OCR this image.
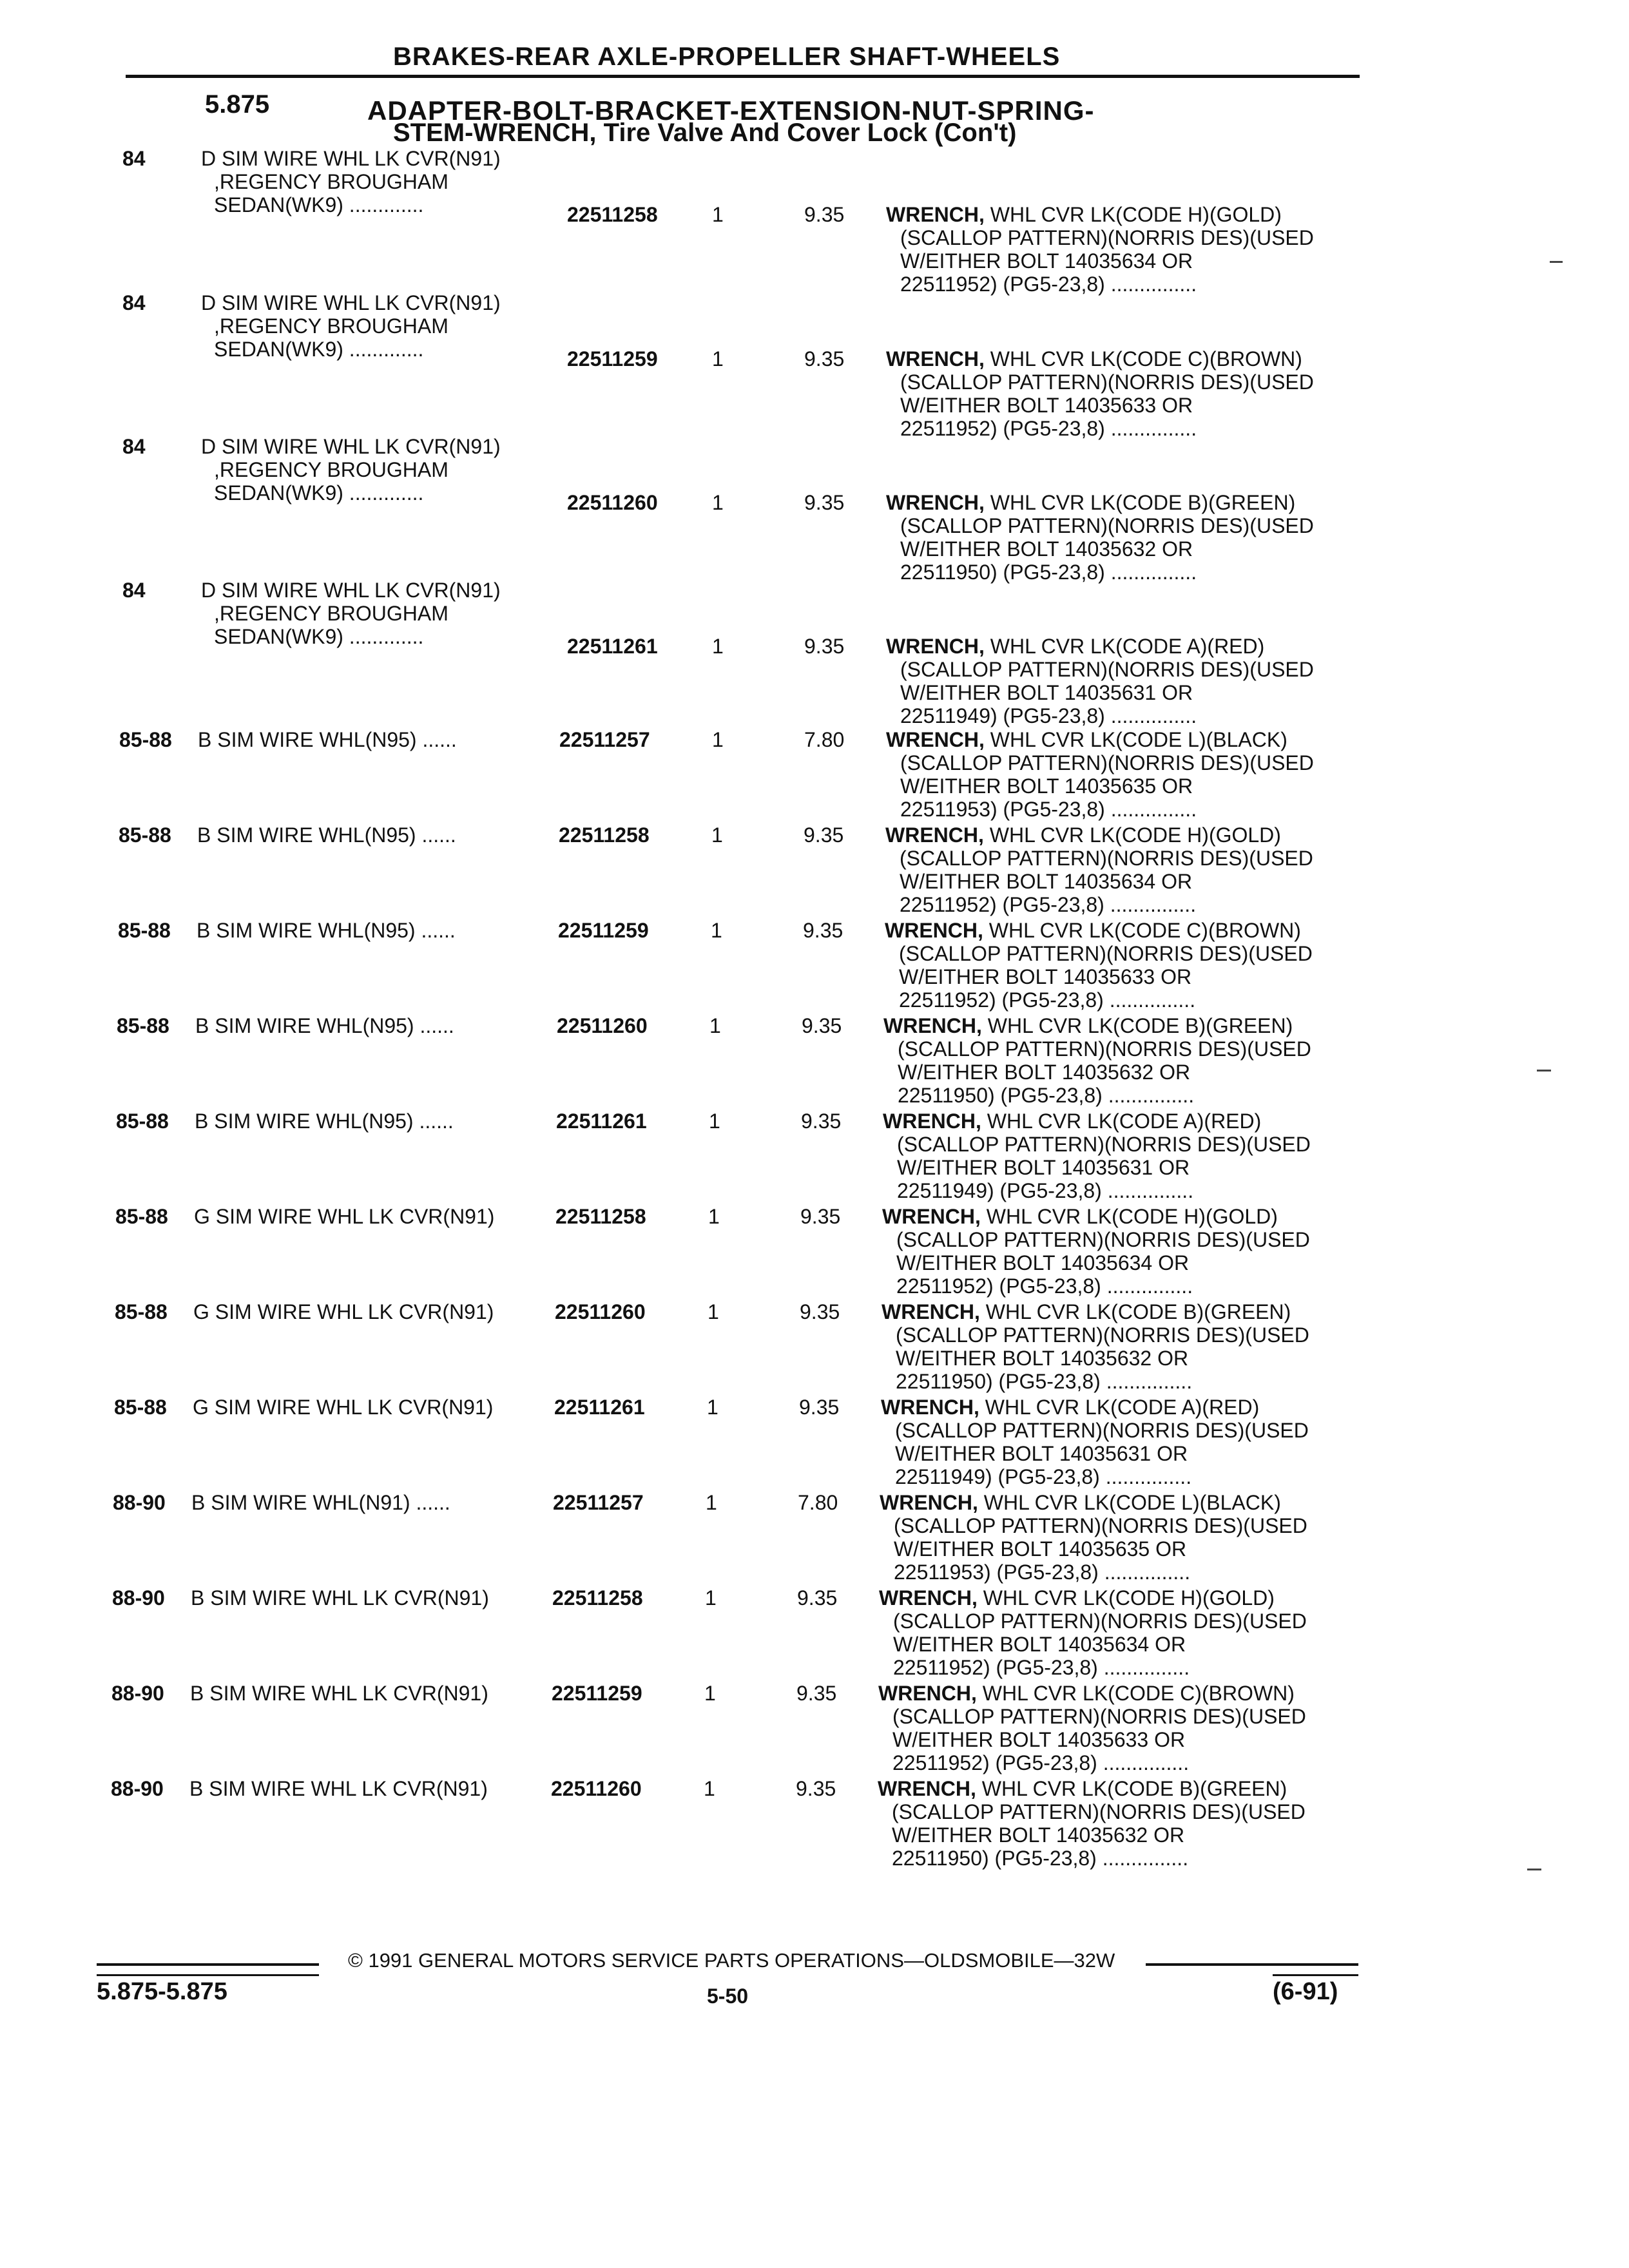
BRAKES-REAR AXLE-PROPELLER SHAFT-WHEELS
5.875	ADAPTER-BOLT-BRACKET-EXTENSION-NUT-SPRING-
STEM-WRENCH, Tire Valve And Cover Lock (Con't)
84	D SIM WIRE WHL LK CVR(N91)
,REGENCY BROUGHAM
SEDAN(WK9) .............	22511258	1	9.35 WRENCH, WHL CVR LK(CODE H)(GOLD)
(SCALLOP PATTERN)(NORRIS DES)(USED
W/EITHER BOLT 14035634 OR
22511952) (PG5-23,8) ...............
84	D SIM WIRE WHL LK CVR(N91)
,REGENCY BROUGHAM
SEDAN(WK9) .............	22511259	1	9.35 WRENCH, WHL CVR LK(CODE C)(BROWN)
(SCALLOP PATTERN)(NORRIS DES)(USED
W/EITHER BOLT 14035633 OR
22511952) (PG5-23,8) ...............
84	D SIM WIRE WHL LK CVR(N91)
,REGENCY BROUGHAM
SEDAN(WK9) .............	22511260	1	9.35 WRENCH, WHL CVR LK(CODE B)(GREEN)
(SCALLOP PATTERN)(NORRIS DES)(USED
W/EITHER BOLT 14035632 OR
22511950) (PG5-23,8) ...............
84	D SIM WIRE WHL LK CVR(N91)
,REGENCY BROUGHAM
SEDAN(WK9) .............	22511261	1	9.35 WRENCH, WHL CVR LK(CODE A)(RED)
(SCALLOP PATTERN)(NORRIS DES)(USED
W/EITHER BOLT 14035631 OR
22511949) (PG5-23,8) ...............
85-88 B SIM WIRE WHL(N95) ......	22511257	1	7.80 WRENCH, WHL CVR LK(CODE L)(BLACK)
(SCALLOP PATTERN)(NORRIS DES)(USED
W/EITHER BOLT 14035635 OR
22511953) (PG5-23,8) ...............
85-88 B SIM WIRE WHL(N95) ......	22511258	1	9.35 WRENCH, WHL CVR LK(CODE H)(GOLD)
(SCALLOP PATTERN)(NORRIS DES)(USED
W/EITHER BOLT 14035634 OR
22511952) (PG5-23,8) ...............
85-88 B SIM WIRE WHL(N95) ......	22511259	1	9.35 WRENCH, WHL CVR LK(CODE C)(BROWN)
(SCALLOP PATTERN)(NORRIS DES)(USED
W/EITHER BOLT 14035633 OR
22511952) (PG5-23,8) ...............
85-88 B SIM WIRE WHL(N95) ......	22511260	1	9.35 WRENCH, WHL CVR LK(CODE B)(GREEN)
(SCALLOP PATTERN)(NORRIS DES)(USED
W/EITHER BOLT 14035632 OR
22511950) (PG5-23,8) ...............
85-88 B SIM WIRE WHL(N95) ......	22511261	1	9.35 WRENCH, WHL CVR LK(CODE A)(RED)
(SCALLOP PATTERN)(NORRIS DES)(USED
W/EITHER BOLT 14035631 OR
22511949) (PG5-23,8) ...............
85-88 G SIM WIRE WHL LK CVR(N91)	22511258	1	9.35 WRENCH, WHL CVR LK(CODE H)(GOLD)
(SCALLOP PATTERN)(NORRIS DES)(USED
W/EITHER BOLT 14035634 OR
22511952) (PG5-23,8) ...............
85-88 G SIM WIRE WHL LK CVR(N91)	22511260	1	9.35 WRENCH, WHL CVR LK(CODE B)(GREEN)
(SCALLOP PATTERN)(NORRIS DES)(USED
W/EITHER BOLT 14035632 OR
22511950) (PG5-23,8) ...............
85-88 G SIM WIRE WHL LK CVR(N91)	22511261	1	9.35 WRENCH, WHL CVR LK(CODE A)(RED)
(SCALLOP PATTERN)(NORRIS DES)(USED
W/EITHER BOLT 14035631 OR
22511949) (PG5-23,8) ...............
88-90 B SIM WIRE WHL(N91) ......	22511257	1	7.80 WRENCH, WHL CVR LK(CODE L)(BLACK)
(SCALLOP PATTERN)(NORRIS DES)(USED
W/EITHER BOLT 14035635 OR
22511953) (PG5-23,8) ...............
88-90 B SIM WIRE WHL LK CVR(N91)	22511258	1	9.35 WRENCH, WHL CVR LK(CODE H)(GOLD)
(SCALLOP PATTERN)(NORRIS DES)(USED
W/EITHER BOLT 14035634 OR
22511952) (PG5-23,8) ...............
88-90 B SIM WIRE WHL LK CVR(N91)	22511259	1	9.35 WRENCH, WHL CVR LK(CODE C)(BROWN)
(SCALLOP PATTERN)(NORRIS DES)(USED
W/EITHER BOLT 14035633 OR
22511952) (PG5-23,8) ...............
88-90 B SIM WIRE WHL LK CVR(N91)	22511260	1	9.35 WRENCH, WHL CVR LK(CODE B)(GREEN)
(SCALLOP PATTERN)(NORRIS DES)(USED
W/EITHER BOLT 14035632 OR
22511950) (PG5-23,8) ...............
© 1991 GENERAL MOTORS SERVICE PARTS OPERATIONS—OLDSMOBILE—32W
5.875-5.875	5-50	(6-91)
